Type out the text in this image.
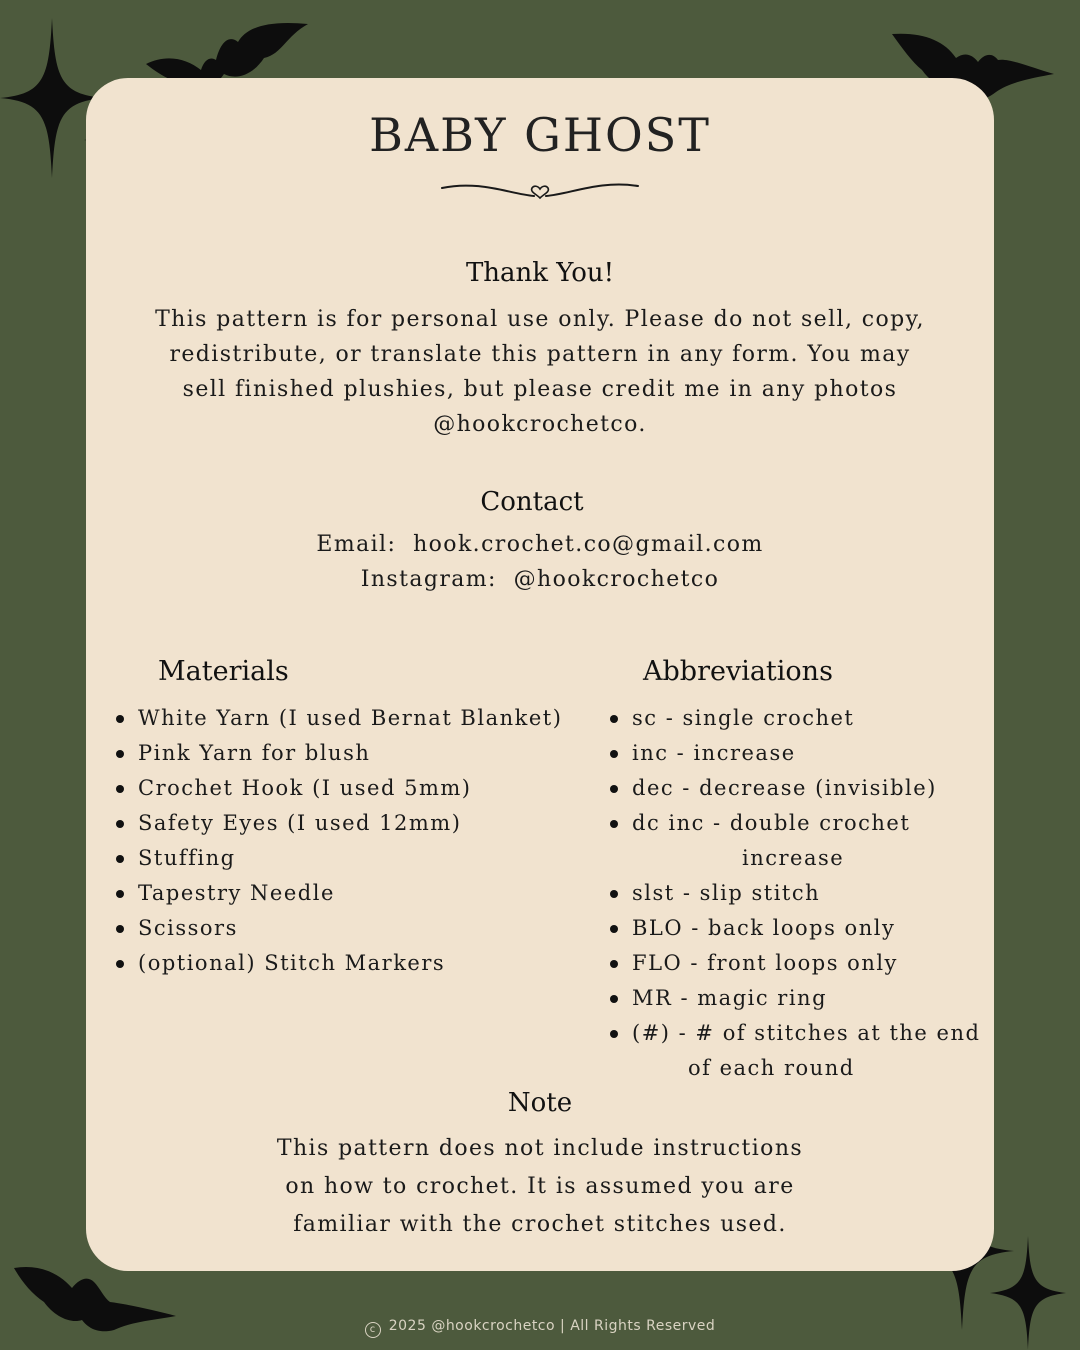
BABY GHOST
Thank You!
This pattern is for personal use only. Please do not sell, copy,
redistribute, or translate this pattern in any form. You may
sell finished plushies, but please credit me in any photos
@hookcrochetco.
Contact
Email:  hook.crochet.co@gmail.com
Instagram:  @hookcrochetco
Materials
White Yarn (I used Bernat Blanket)
Pink Yarn for blush
Crochet Hook (I used 5mm)
Safety Eyes (I used 12mm)
Stuffing
Tapestry Needle
Scissors
(optional) Stitch Markers
Abbreviations
sc - single crochet
inc - increase
dec - decrease (invisible)
dc inc - double crochet
increase
slst - slip stitch
BLO - back loops only
FLO - front loops only
MR - magic ring
(#) - # of stitches at the end
of each round
Note
This pattern does not include instructions
on how to crochet. It is assumed you are
familiar with the crochet stitches used.
c 2025 @hookcrochetco | All Rights Reserved
